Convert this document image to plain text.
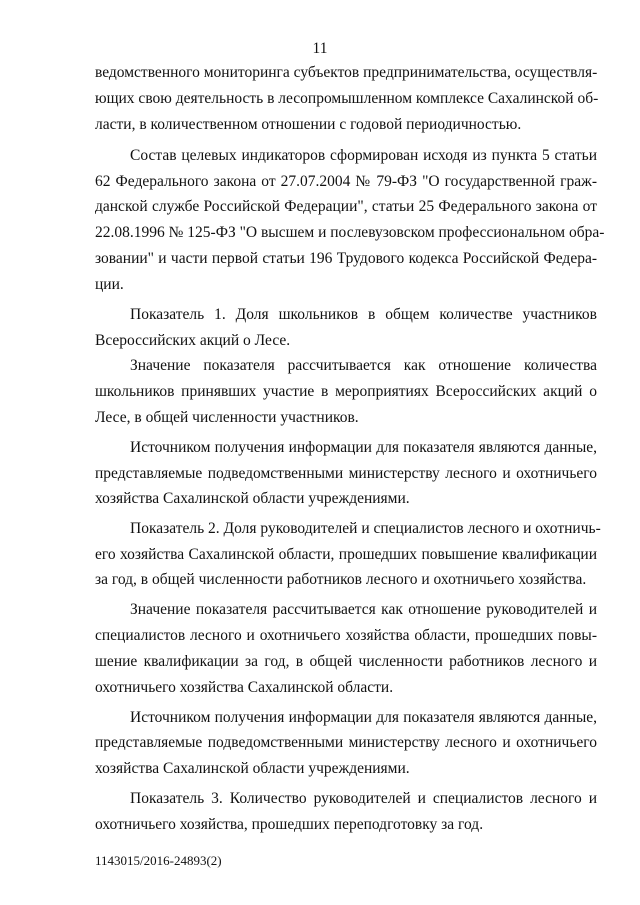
11
ведомственного мониторинга субъектов предпринимательства, осуществля-
ющих свою деятельность в лесопромышленном комплексе Сахалинской об-
ласти, в количественном отношении с годовой периодичностью.
Состав целевых индикаторов сформирован исходя из пункта 5 статьи
62 Федерального закона от 27.07.2004 № 79-ФЗ "О государственной граж-
данской службе Российской Федерации", статьи 25 Федерального закона от
22.08.1996 № 125-ФЗ "О высшем и послевузовском профессиональном обра-
зовании" и части первой статьи 196 Трудового кодекса Российской Федера-
ции.
Показатель 1. Доля школьников в общем количестве участников
Всероссийских акций о Лесе.
Значение показателя рассчитывается как отношение количества
школьников принявших участие в мероприятиях Всероссийских акций о
Лесе, в общей численности участников.
Источником получения информации для показателя являются данные,
представляемые подведомственными министерству лесного и охотничьего
хозяйства Сахалинской области учреждениями.
Показатель 2. Доля руководителей и специалистов лесного и охотничь-
его хозяйства Сахалинской области, прошедших повышение квалификации
за год, в общей численности работников лесного и охотничьего хозяйства.
Значение показателя рассчитывается как отношение руководителей и
специалистов лесного и охотничьего хозяйства области, прошедших повы-
шение квалификации за год, в общей численности работников лесного и
охотничьего хозяйства Сахалинской области.
Источником получения информации для показателя являются данные,
представляемые подведомственными министерству лесного и охотничьего
хозяйства Сахалинской области учреждениями.
Показатель 3. Количество руководителей и специалистов лесного и
охотничьего хозяйства, прошедших переподготовку за год.
1143015/2016-24893(2)
